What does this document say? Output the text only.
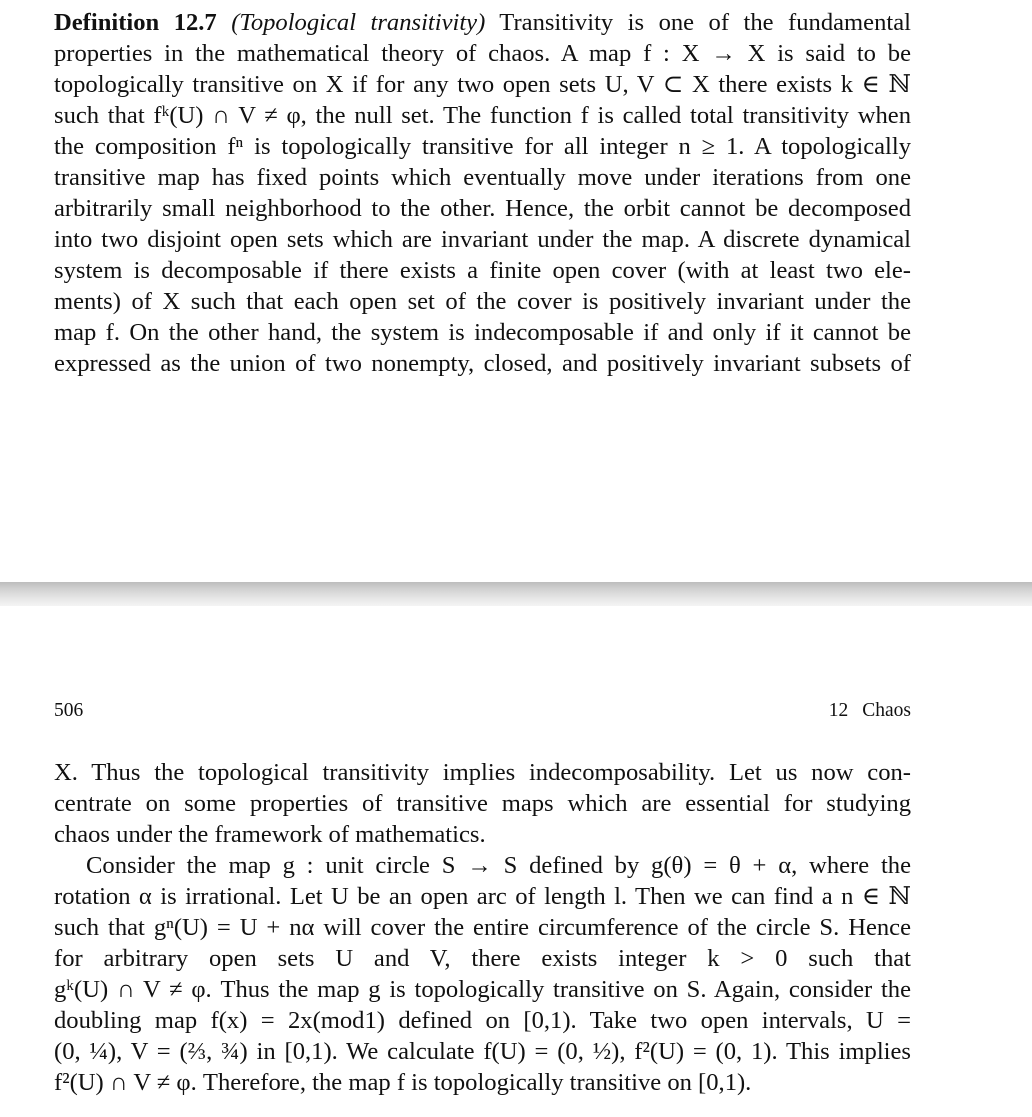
Definition 12.7 (Topological transitivity) Transitivity is one of the fundamental
properties in the mathematical theory of chaos. A map f : X → X is said to be
topologically transitive on X if for any two open sets U, V ⊂ X there exists k ∈ ℕ
such that fᵏ(U) ∩ V ≠ φ, the null set. The function f is called total transitivity when
the composition fⁿ is topologically transitive for all integer n ≥ 1. A topologically
transitive map has fixed points which eventually move under iterations from one
arbitrarily small neighborhood to the other. Hence, the orbit cannot be decomposed
into two disjoint open sets which are invariant under the map. A discrete dynamical
system is decomposable if there exists a finite open cover (with at least two ele-
ments) of X such that each open set of the cover is positively invariant under the
map f. On the other hand, the system is indecomposable if and only if it cannot be
expressed as the union of two nonempty, closed, and positively invariant subsets of
506	12 Chaos
X. Thus the topological transitivity implies indecomposability. Let us now con-
centrate on some properties of transitive maps which are essential for studying
chaos under the framework of mathematics.
Consider the map g : unit circle S → S defined by g(θ) = θ + α, where the
rotation α is irrational. Let U be an open arc of length l. Then we can find a n ∈ ℕ
such that gⁿ(U) = U + nα will cover the entire circumference of the circle S. Hence
for arbitrary open sets U and V, there exists integer k > 0 such that
gᵏ(U) ∩ V ≠ φ. Thus the map g is topologically transitive on S. Again, consider the
doubling map f(x) = 2x(mod1) defined on [0,1). Take two open intervals, U =
(0, ¼), V = (⅔, ¾) in [0,1). We calculate f(U) = (0, ½), f²(U) = (0, 1). This implies
f²(U) ∩ V ≠ φ. Therefore, the map f is topologically transitive on [0,1).
